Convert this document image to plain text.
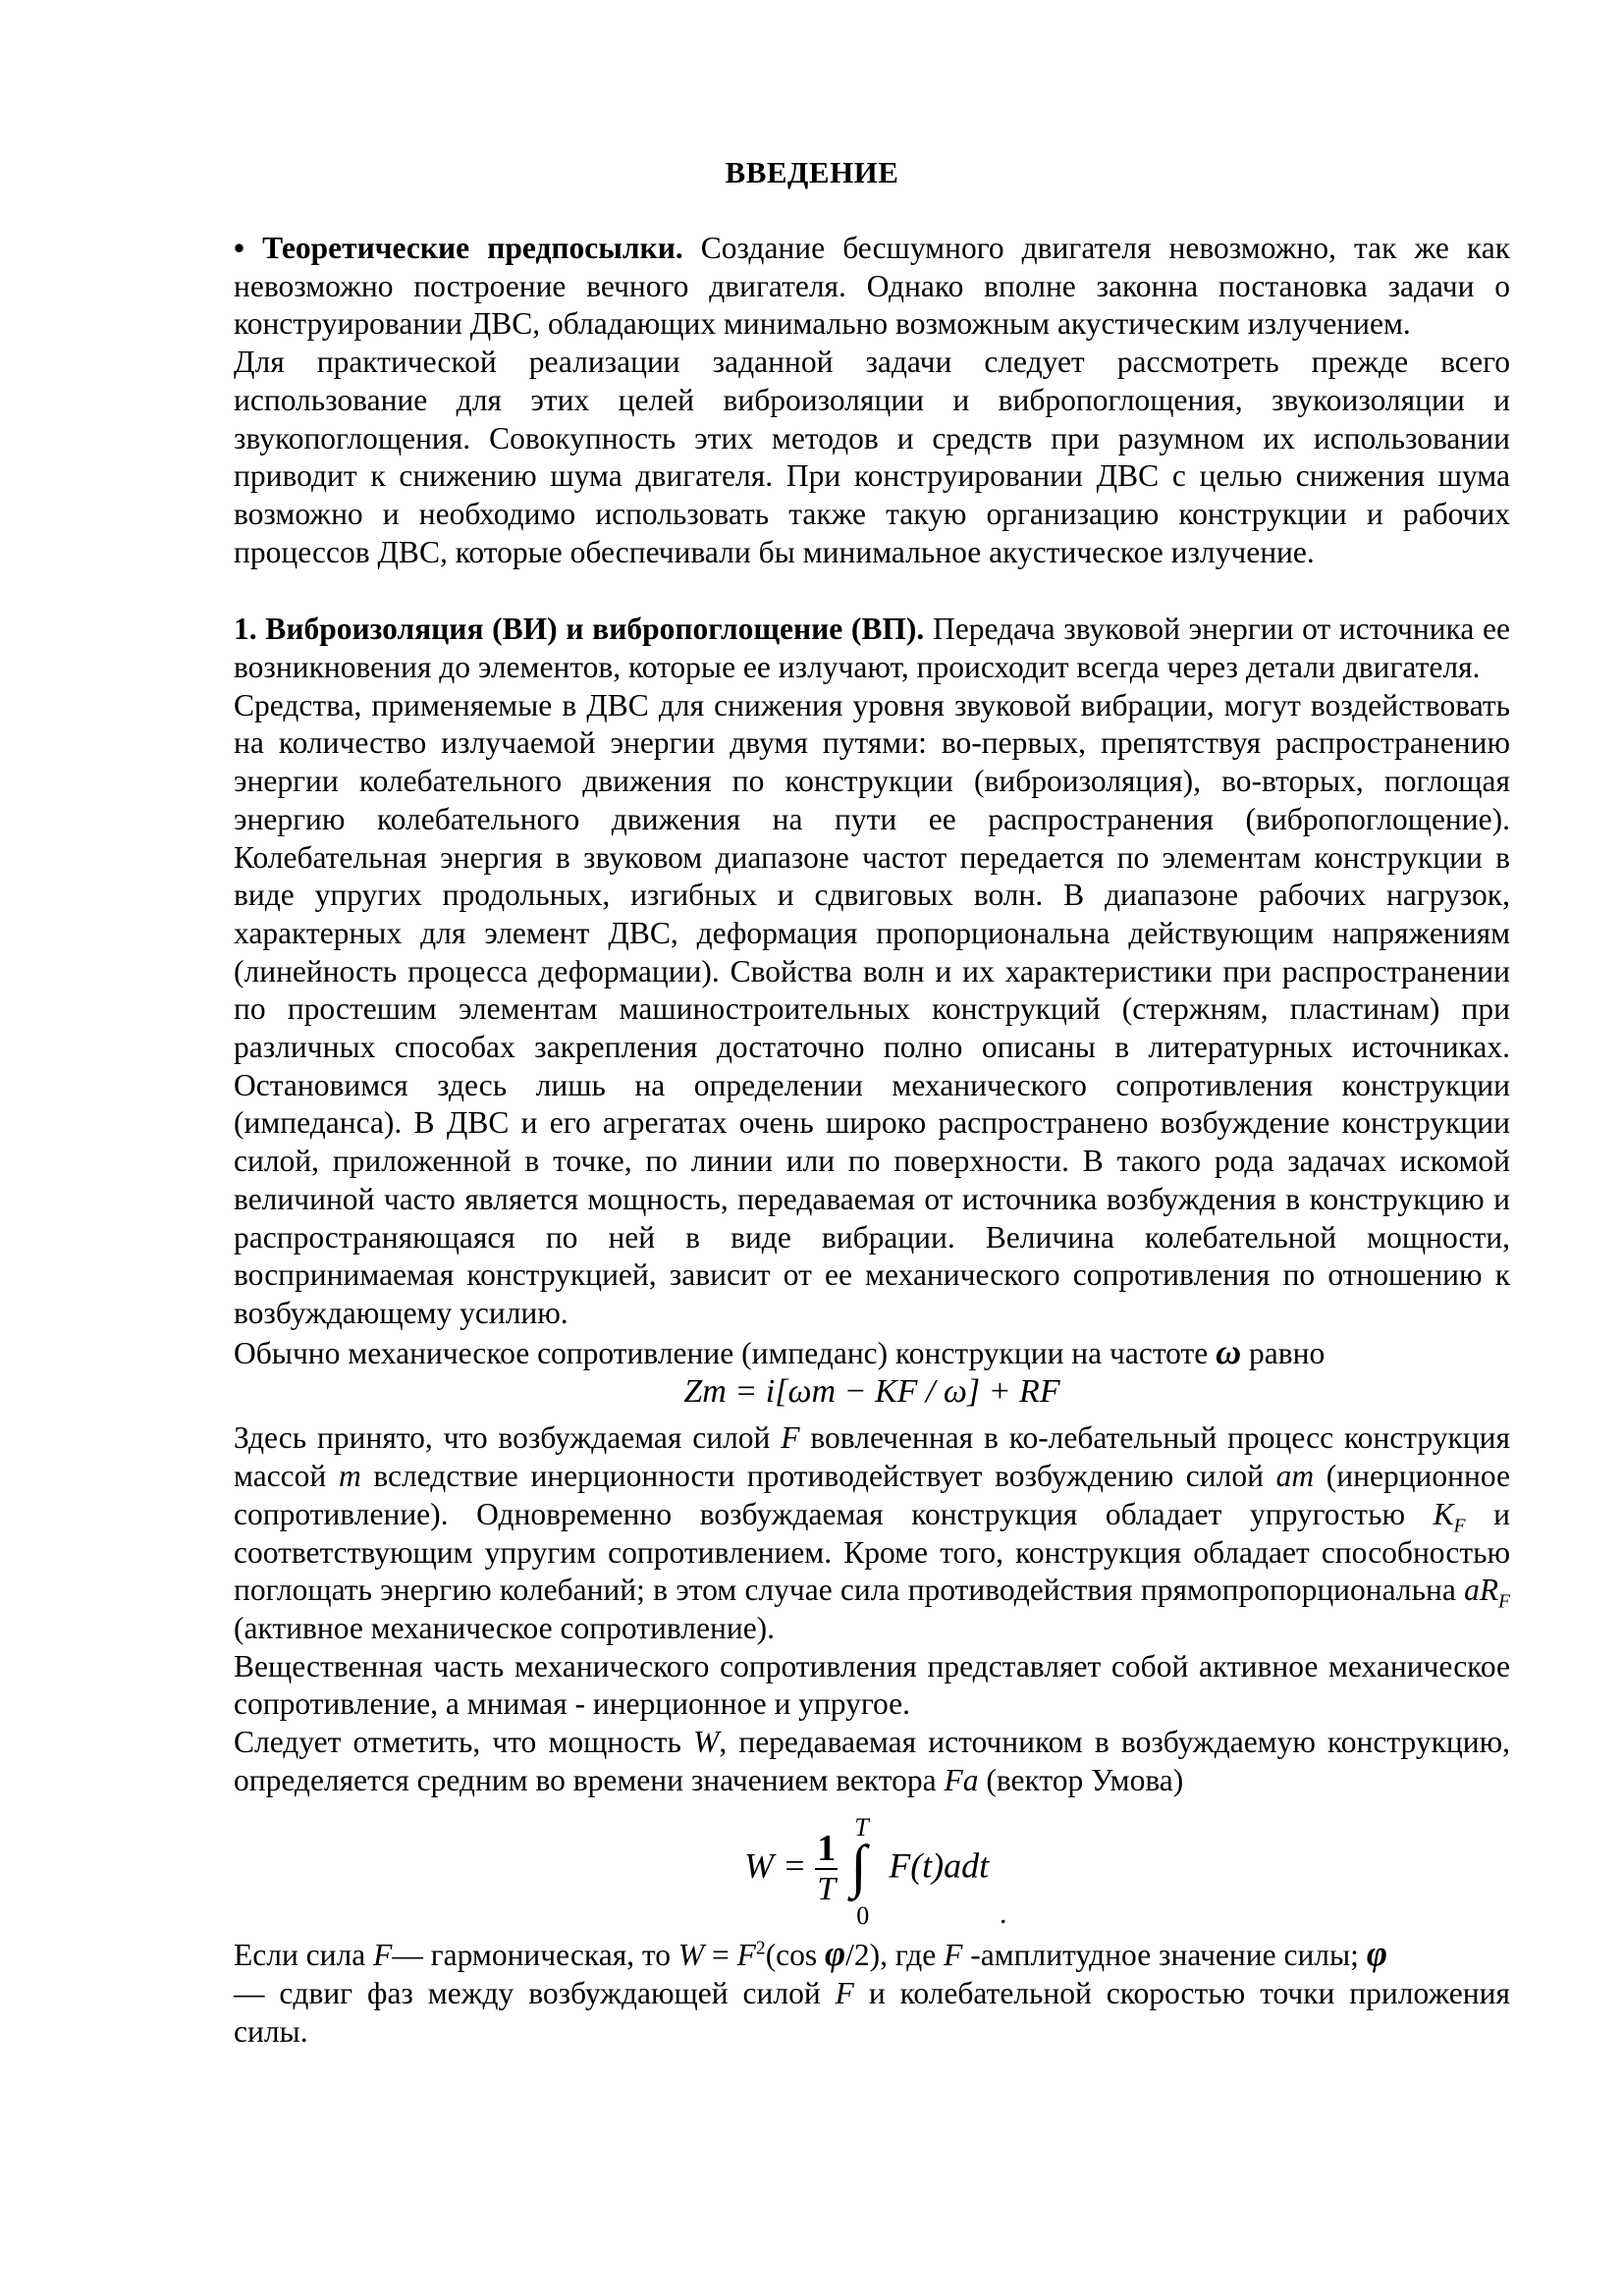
ВВЕДЕНИЕ

• Теоретические предпосылки. Создание бесшумного двигателя невозможно, так же как невозможно построение вечного двигателя. Однако вполне законна постановка задачи о конструировании ДВС, обладающих минимально возможным акустическим излучением.

Для практической реализации заданной задачи следует рассмотреть прежде всего использование для этих целей виброизоляции и вибропоглощения, звукоизоляции и звукопоглощения. Совокупность этих методов и средств при разумном их использовании приводит к снижению шума двигателя. При конструировании ДВС с целью снижения шума возможно и необходимо использовать также такую организацию конструкции и рабочих процессов ДВС, которые обеспечивали бы минимальное акустическое излучение.

1. Виброизоляция (ВИ) и вибропоглощение (ВП). Передача звуковой энергии от источника ее возникновения до элементов, которые ее излучают, происходит всегда через детали двигателя.

Средства, применяемые в ДВС для снижения уровня звуковой вибрации, могут воздействовать на количество излучаемой энергии двумя путями: во-первых, препятствуя распространению энергии колебательного движения по конструкции (виброизоляция), во-вторых, поглощая энергию колебательного движения на пути ее распространения (вибропоглощение). Колебательная энергия в звуковом диапазоне частот передается по элементам конструкции в виде упругих продольных, изгибных и сдвиговых волн. В диапазоне рабочих нагрузок, характерных для элемент ДВС, деформация пропорциональна действующим напряжениям (линейность процесса деформации). Свойства волн и их характеристики при распространении по простешим элементам машиностроительных конструкций (стержням, пластинам) при различных способах закрепления достаточно полно описаны в литературных источниках. Остановимся здесь лишь на определении механического сопротивления конструкции (импеданса). В ДВС и его агрегатах очень широко распространено возбуждение конструкции силой, приложенной в точке, по линии или по поверхности. В такого рода задачах искомой величиной часто является мощность, передаваемая от источника возбуждения в конструкцию и распространяющаяся по ней в виде вибрации. Величина колебательной мощности, воспринимаемая конструкцией, зависит от ее механического сопротивления по отношению к возбуждающему усилию.

Обычно механическое сопротивление (импеданс) конструкции на частоте ω равно

Zm = i[ωm − KF / ω] + RF

Здесь принято, что возбуждаемая силой F вовлеченная в ко-лебательный процесс конструкция массой m вследствие инерционности противодействует возбуждению силой am (инерционное сопротивление). Одновременно возбуждаемая конструкция обладает упругостью $K_F$ и соответствующим упругим сопротивлением. Кроме того, конструкция обладает способностью поглощать энергию колебаний; в этом случае сила противодействия прямопропорциональна $aR_F$ (активное механическое сопротивление).

Вещественная часть механического сопротивления представляет собой активное механическое сопротивление, а мнимая - инерционное и упругое.

Следует отметить, что мощность W, передаваемая источником в возбуждаемую конструкцию, определяется средним во времени значением вектора Fa (вектор Умова)

$W = \frac{1}{T}$

T
∫
0
F(t)adt
.

Если сила F— гармоническая, то $W = F^2(\cos$ φ/2), где F -амплитудное значение силы; φ

— сдвиг фаз между возбуждающей силой F и колебательной скоростью точки приложения силы.
